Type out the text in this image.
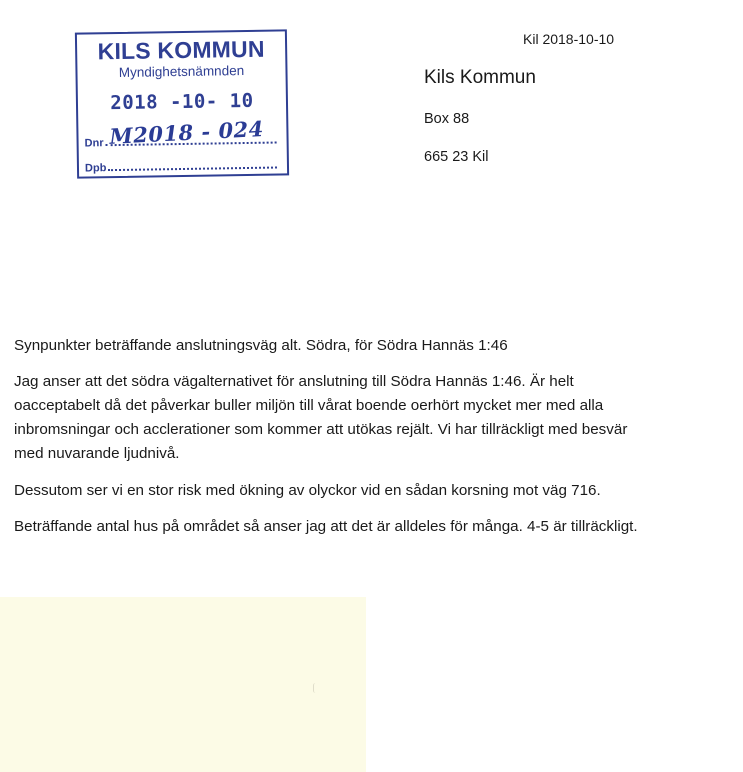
KILS KOMMUN
Myndighetsnämnden
2018 -10- 10
Dnr M2018 - 024
Dpb
Kil 2018-10-10
Kils Kommun
Box 88
665 23 Kil

Synpunkter beträffande anslutningsväg alt. Södra, för Södra Hannäs 1:46

Jag anser att det södra vägalternativet för anslutning till Södra Hannäs 1:46. Är helt
oacceptabelt då det påverkar buller miljön till vårat boende oerhört mycket mer med alla
inbromsningar och acclerationer som kommer att utökas rejält. Vi har tillräckligt med besvär
med nuvarande ljudnivå.

Dessutom ser vi en stor risk med ökning av olyckor vid en sådan korsning mot väg 716.

Beträffande antal hus på området så anser jag att det är alldeles för många. 4-5 är tillräckligt.
